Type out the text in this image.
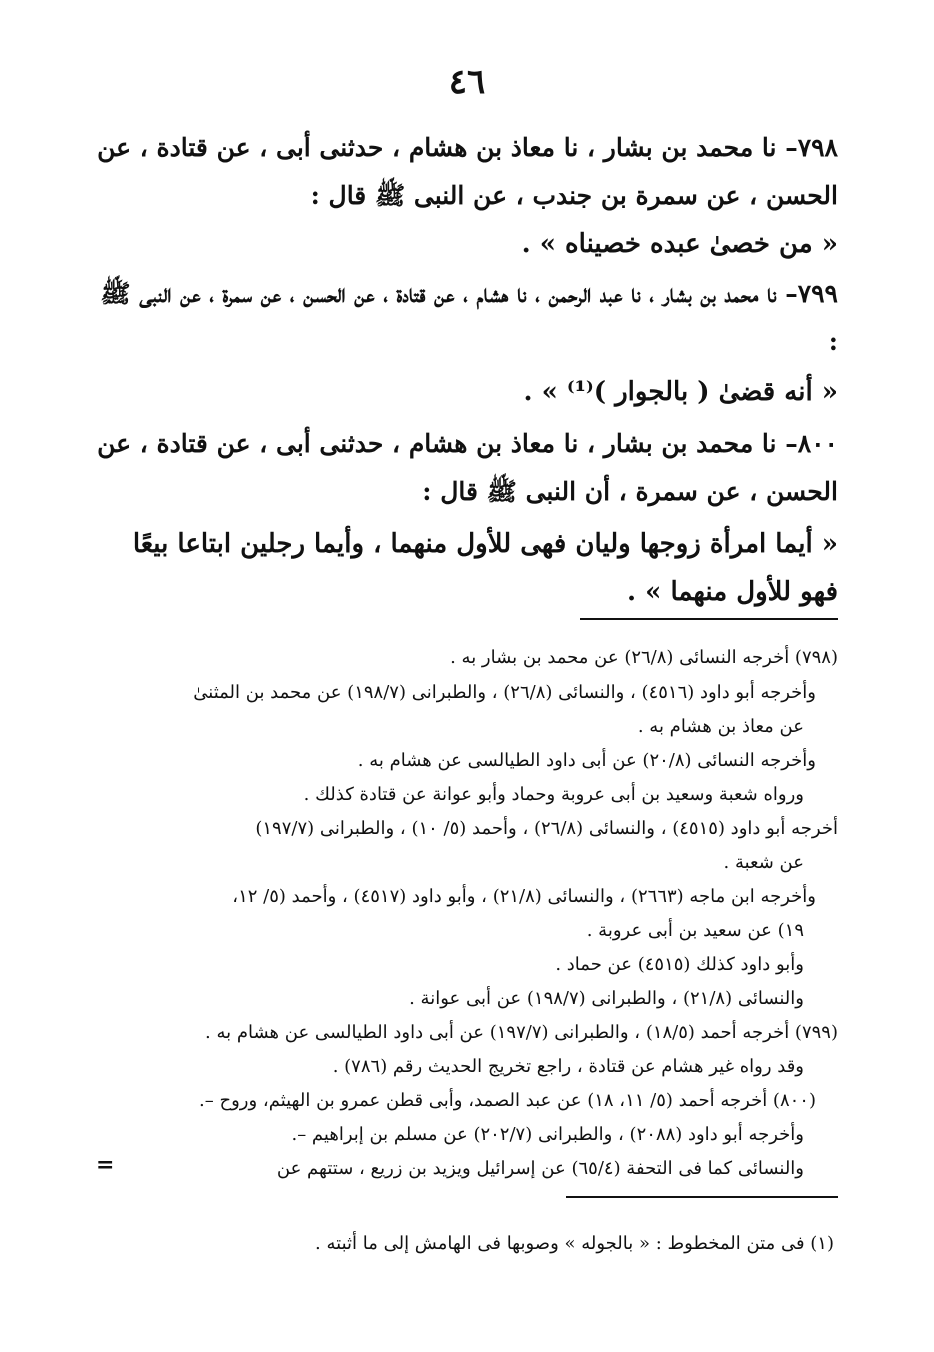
٤٦
٧٩٨– نا محمد بن بشار ، نا معاذ بن هشام ، حدثنى أبى ، عن قتادة ، عن الحسن ، عن سمرة بن جندب ، عن النبى ﷺ قال :
« من خصىٰ عبده خصيناه » .
٧٩٩– نا محمد بن بشار ، نا عبد الرحمن ، نا هشام ، عن قتادة ، عن الحسن ، عن سمرة ، عن النبى ﷺ :
« أنه قضىٰ ( بالجوار )⁽¹⁾ » .
٨٠٠– نا محمد بن بشار ، نا معاذ بن هشام ، حدثنى أبى ، عن قتادة ، عن الحسن ، عن سمرة ، أن النبى ﷺ قال :
« أيما امرأة زوجها وليان فهى للأول منهما ، وأيما رجلين ابتاعا بيعًا فهو للأول منهما » .
(٧٩٨) أخرجه النسائى (٢٦/٨) عن محمد بن بشار به .
وأخرجه أبو داود (٤٥١٦) ، والنسائى (٢٦/٨) ، والطبرانى (١٩٨/٧) عن محمد بن المثنىٰ
عن معاذ بن هشام به .
وأخرجه النسائى (٢٠/٨) عن أبى داود الطيالسى عن هشام به .
ورواه شعبة وسعيد بن أبى عروبة وحماد وأبو عوانة عن قتادة كذلك .
أخرجه أبو داود (٤٥١٥) ، والنسائى (٢٦/٨) ، وأحمد (٥/ ١٠) ، والطبرانى (١٩٧/٧)
عن شعبة .
وأخرجه ابن ماجه (٢٦٦٣) ، والنسائى (٢١/٨) ، وأبو داود (٤٥١٧) ، وأحمد (٥/ ١٢،
١٩) عن سعيد بن أبى عروبة .
وأبو داود كذلك (٤٥١٥) عن حماد .
والنسائى (٢١/٨) ، والطبرانى (١٩٨/٧) عن أبى عوانة .
(٧٩٩) أخرجه أحمد (١٨/٥) ، والطبرانى (١٩٧/٧) عن أبى داود الطيالسى عن هشام به .
وقد رواه غير هشام عن قتادة ، راجع تخريج الحديث رقم (٧٨٦) .
(٨٠٠) أخرجه أحمد (٥/ ١١، ١٨) عن عبد الصمد، وأبى قطن عمرو بن الهيثم، وروح –.
وأخرجه أبو داود (٢٠٨٨) ، والطبرانى (٢٠٢/٧) عن مسلم بن إبراهيم –.
والنسائى كما فى التحفة (٦٥/٤) عن إسرائيل ويزيد بن زريع ، ستتهم عن
=
(١) فى متن المخطوط : « بالجوله » وصوبها فى الهامش إلى ما أثبته .
